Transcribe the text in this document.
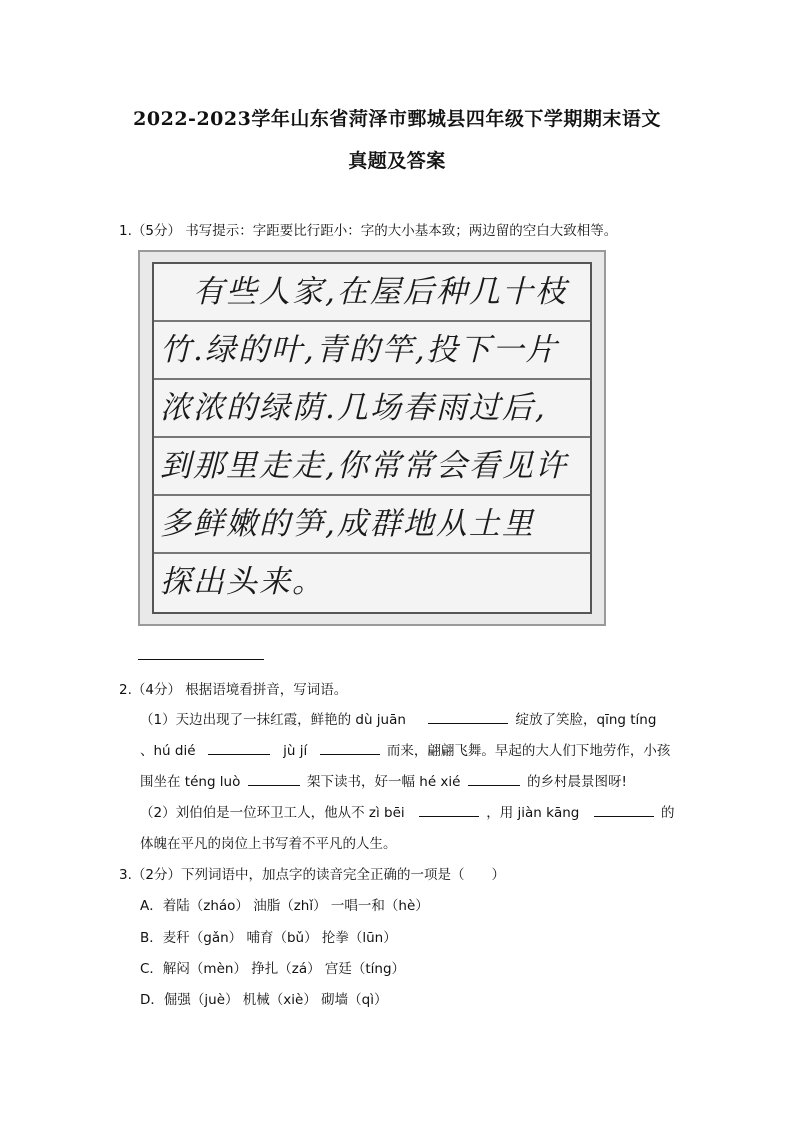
2022-2023学年山东省菏泽市鄄城县四年级下学期期末语文
真题及答案
1.（5分） 书写提示：字距要比行距小：字的大小基本致；两边留的空白大致相等。
　有些人家,在屋后种几十枝
竹.绿的叶,青的竿,投下一片
浓浓的绿荫.几场春雨过后,
到那里走走,你常常会看见许
多鲜嫩的笋,成群地从土里
探出头来。
2.（4分） 根据语境看拼音，写词语。
（1）天边出现了一抹红霞，鲜艳的 dù juān	绽放了笑脸，qīng tíng
、hú dié	jù jí	而来，翩翩飞舞。早起的大人们下地劳作，小孩
围坐在 téng luò	架下读书，好一幅 hé xié	的乡村晨景图呀!
（2）刘伯伯是一位环卫工人，他从不 zì bēi	，用 jiàn kāng	的
体魄在平凡的岗位上书写着不平凡的人生。
3.（2分）下列词语中，加点字的读音完全正确的一项是（　　）
A．着陆（zháo） 油脂（zhǐ） 一唱一和（hè）
B．麦秆（gǎn） 哺育（bǔ） 抡拳（lūn）
C．解闷（mèn） 挣扎（zá） 宫廷（tíng）
D．倔强（juè） 机械（xiè） 砌墙（qì）
